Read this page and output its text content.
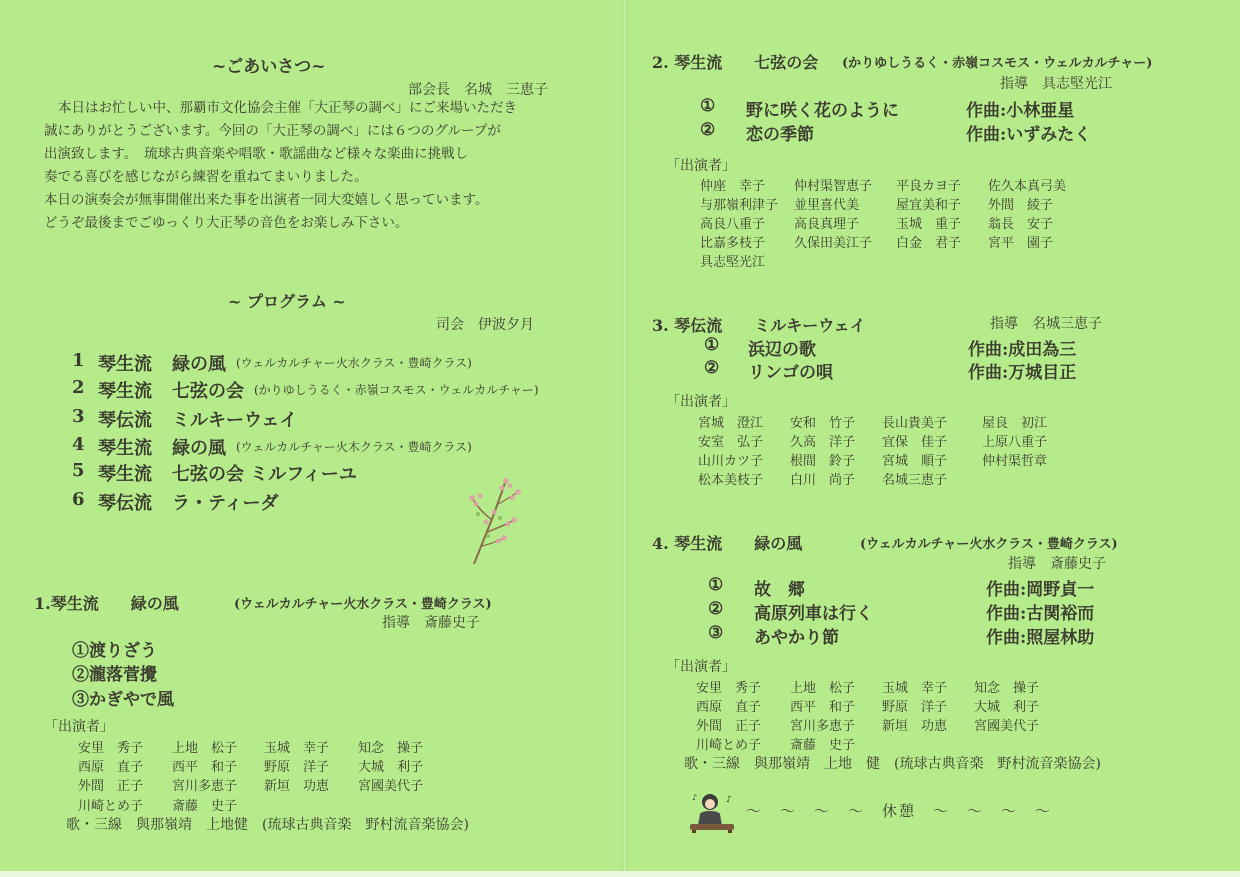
~ごあいさつ~
部会長　名城　三恵子
本日はお忙しい中、那覇市文化協会主催「大正琴の調べ」にご来場いただき
誠にありがとうございます。今回の「大正琴の調べ」には６つのグループが
出演致します。　琉球古典音楽や唱歌・歌謡曲など様々な楽曲に挑戦し
奏でる喜びを感じながら練習を重ねてまいりました。
本日の演奏会が無事開催出来た事を出演者一同大変嬉しく思っています。
どうぞ最後までごゆっくり大正琴の音色をお楽しみ下さい。
~ プログラム ~
司会　伊波夕月
1 琴生流	緑の風 (ウェルカルチャー火水クラス・豊崎クラス)
2 琴生流	七弦の会 (かりゆしうるく・赤嶺コスモス・ウェルカルチャー)
3 琴伝流	ミルキーウェイ
4 琴生流	緑の風 (ウェルカルチャー火木クラス・豊崎クラス)
5 琴生流	七弦の会 ミルフィーユ
6 琴伝流	ラ・ティーダ
1.琴生流　　緑の風	(ウェルカルチャー火水クラス・豊崎クラス)
指導　斎藤史子
①渡りざう
②瀧落菅攪
③かぎやで風
「出演者」
安里　秀子	上地　松子	玉城　幸子	知念　操子
西原　直子	西平　和子	野原　洋子	大城　利子
外間　正子	宮川多恵子	新垣　功恵	宮國美代子
川崎とめ子	斎藤　史子
歌・三線　與那嶺靖　上地健　(琉球古典音楽　野村流音楽協会)
2. 琴生流　　七弦の会 (かりゆしうるく・赤嶺コスモス・ウェルカルチャー)
指導　具志堅光江
①	野に咲く花のように	作曲:小林亜星
②	恋の季節	作曲:いずみたく
「出演者」
仲座　幸子	仲村渠智恵子	平良カヨ子	佐久本真弓美
与那嶺利津子	並里喜代美	屋宜美和子	外間　綾子
高良八重子	高良真理子	玉城　重子	翁長　安子
比嘉多枝子	久保田美江子	白金　君子	宮平　園子
具志堅光江
3. 琴伝流　　ミルキーウェイ	指導　名城三恵子
①	浜辺の歌	作曲:成田為三
②	リンゴの唄	作曲:万城目正
「出演者」
宮城　澄江	安和　竹子	長山貴美子	屋良　初江
安室　弘子	久高　洋子	宜保　佳子	上原八重子
山川カツ子	根間　鈴子	宮城　順子	仲村渠哲章
松本美枝子	白川　尚子	名城三恵子
4. 琴生流　　緑の風	(ウェルカルチャー火水クラス・豊崎クラス)
指導　斎藤史子
①	故　郷	作曲:岡野貞一
②	高原列車は行く	作曲:古関裕而
③	あやかり節	作曲:照屋林助
「出演者」
安里　秀子	上地　松子	玉城　幸子	知念　操子
西原　直子	西平　和子	野原　洋子	大城　利子
外間　正子	宮川多恵子	新垣　功恵	宮國美代子
川崎とめ子	斎藤　史子
歌・三線　與那嶺靖　上地　健　(琉球古典音楽　野村流音楽協会)
♪
♪
～　～　～　～　休憩　～　～　～　～
